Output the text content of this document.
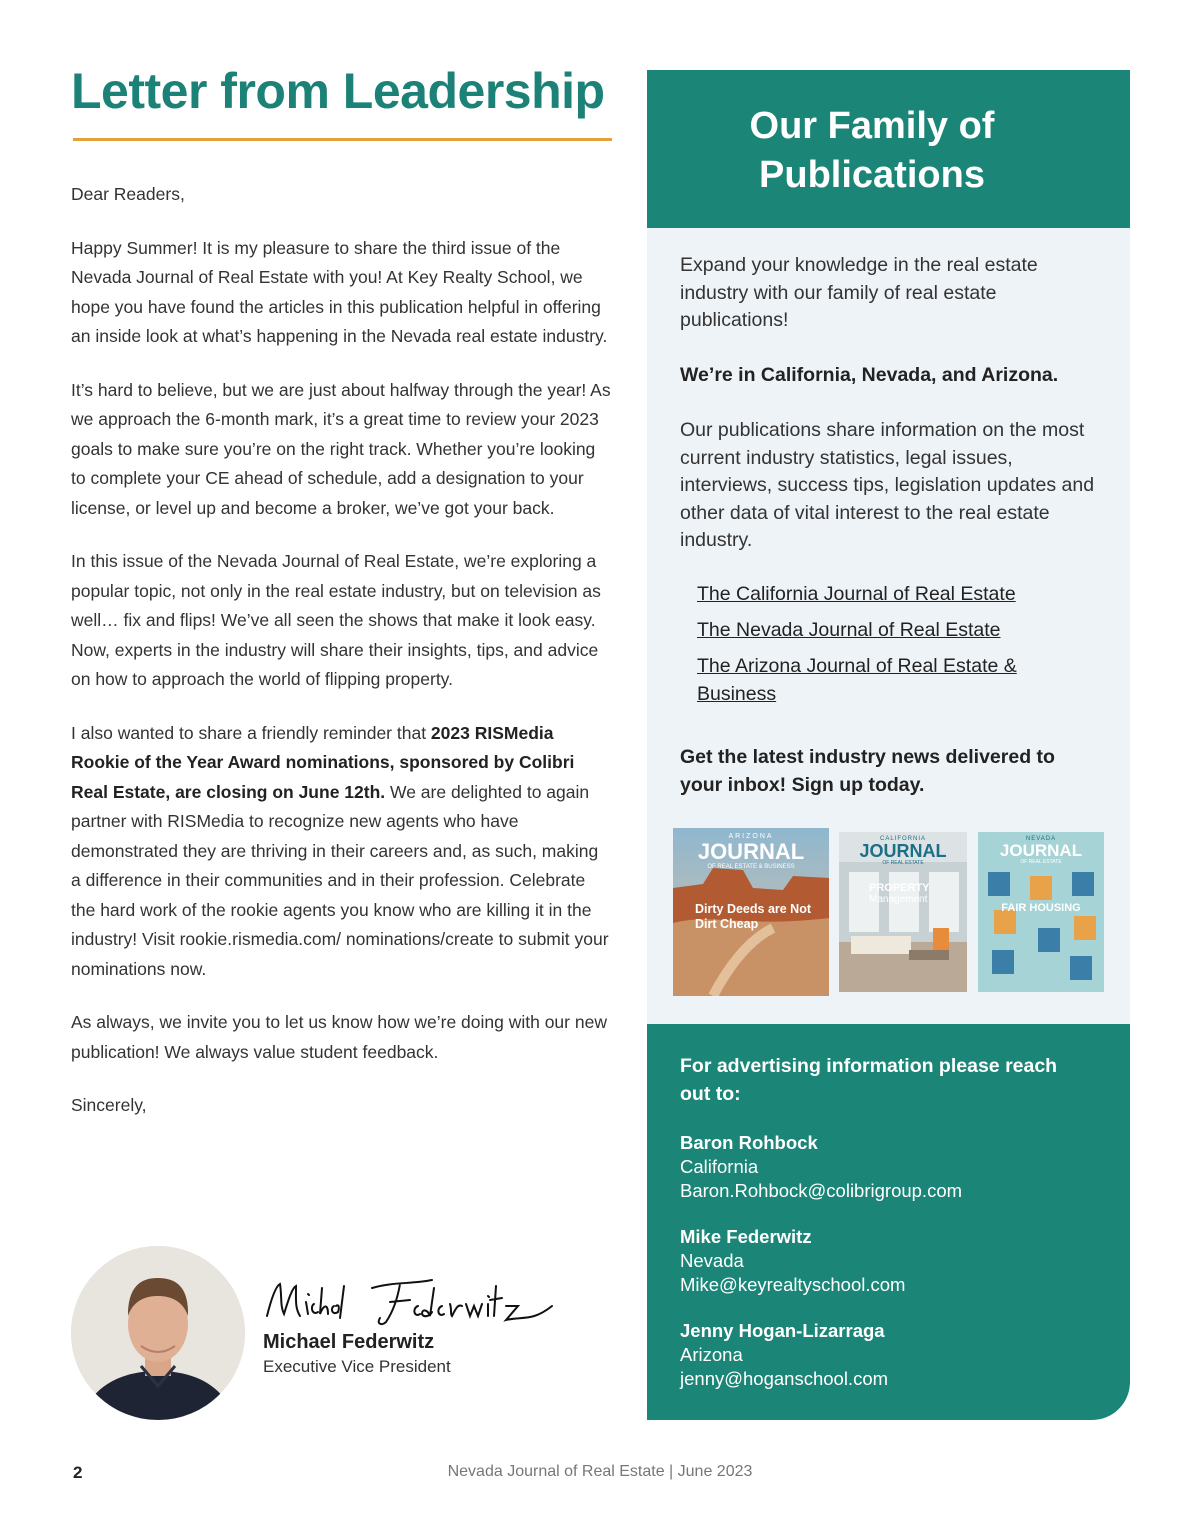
Letter from Leadership

Dear Readers,

Happy Summer! It is my pleasure to share the third issue of the Nevada Journal of Real Estate with you! At Key Realty School, we hope you have found the articles in this publication helpful in offering an inside look at what’s happening in the Nevada real estate industry.

It’s hard to believe, but we are just about halfway through the year! As we approach the 6-month mark, it’s a great time to review your 2023 goals to make sure you’re on the right track. Whether you’re looking to complete your CE ahead of schedule, add a designation to your license, or level up and become a broker, we’ve got your back.

In this issue of the Nevada Journal of Real Estate, we’re exploring a popular topic, not only in the real estate industry, but on television as well… fix and flips! We’ve all seen the shows that make it look easy. Now, experts in the industry will share their insights, tips, and advice on how to approach the world of flipping property.

I also wanted to share a friendly reminder that 2023 RISMedia Rookie of the Year Award nominations, sponsored by Colibri Real Estate, are closing on June 12th. We are delighted to again partner with RISMedia to recognize new agents who have demonstrated they are thriving in their careers and, as such, making a difference in their communities and in their profession. Celebrate the hard work of the rookie agents you know who are killing it in the industry! Visit rookie.rismedia.com/ nominations/create to submit your nominations now.

As always, we invite you to let us know how we’re doing with our new publication! We always value student feedback.

Sincerely,

Michael Federwitz
Executive Vice President
Our Family of Publications
Expand your knowledge in the real estate industry with our family of real estate publications!
We’re in California, Nevada, and Arizona.
Our publications share information on the most current industry statistics, legal issues, interviews, success tips, legislation updates and other data of vital interest to the real estate industry.
The California Journal of Real Estate
The Nevada Journal of Real Estate
The Arizona Journal of Real Estate & Business
Get the latest industry news delivered to your inbox! Sign up today.
ARIZONA
JOURNAL
OF REAL ESTATE & BUSINESS
Dirty Deeds are Not Dirt Cheap
CALIFORNIA
JOURNAL
OF REAL ESTATE
PROPERTY
Management
NEVADA
JOURNAL
OF REAL ESTATE
FAIR HOUSING
For advertising information please reach out to:
Baron Rohbock
California
Baron.Rohbock@colibrigroup.com
Mike Federwitz
Nevada
Mike@keyrealtyschool.com
Jenny Hogan-Lizarraga
Arizona
jenny@hoganschool.com
2	Nevada Journal of Real Estate | June 2023
